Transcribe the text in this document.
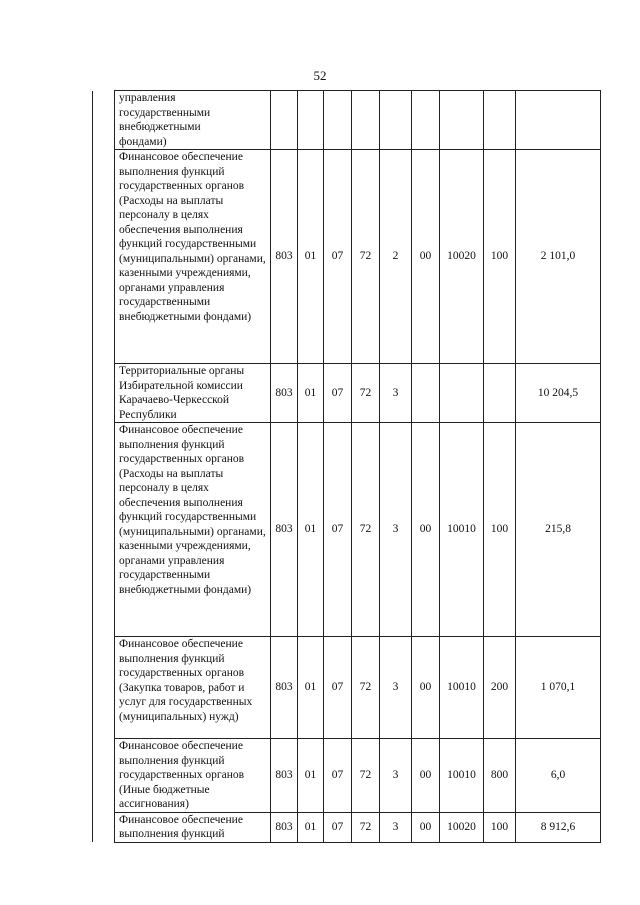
52
	управления
государственными
внебюджетными
фондами)									
	Финансовое обеспечение выполнения функций государственных органов (Расходы на выплаты персоналу в целях обеспечения выполнения функций государственными (муниципальными) органами, казенными учреждениями, органами управления государственными внебюджетными фондами)	803	01	07	72	2	00	10020	100	2 101,0
	Территориальные органы Избирательной комиссии Карачаево-Черкесской Республики	803	01	07	72	3				10 204,5
	Финансовое обеспечение выполнения функций государственных органов (Расходы на выплаты персоналу в целях обеспечения выполнения функций государственными (муниципальными) органами, казенными учреждениями, органами управления государственными внебюджетными фондами)	803	01	07	72	3	00	10010	100	215,8
	Финансовое обеспечение выполнения функций государственных органов (Закупка товаров, работ и услуг для государственных (муниципальных) нужд)	803	01	07	72	3	00	10010	200	1 070,1
	Финансовое обеспечение выполнения функций государственных органов (Иные бюджетные ассигнования)	803	01	07	72	3	00	10010	800	6,0
	Финансовое обеспечение выполнения функций	803	01	07	72	3	00	10020	100	8 912,6
